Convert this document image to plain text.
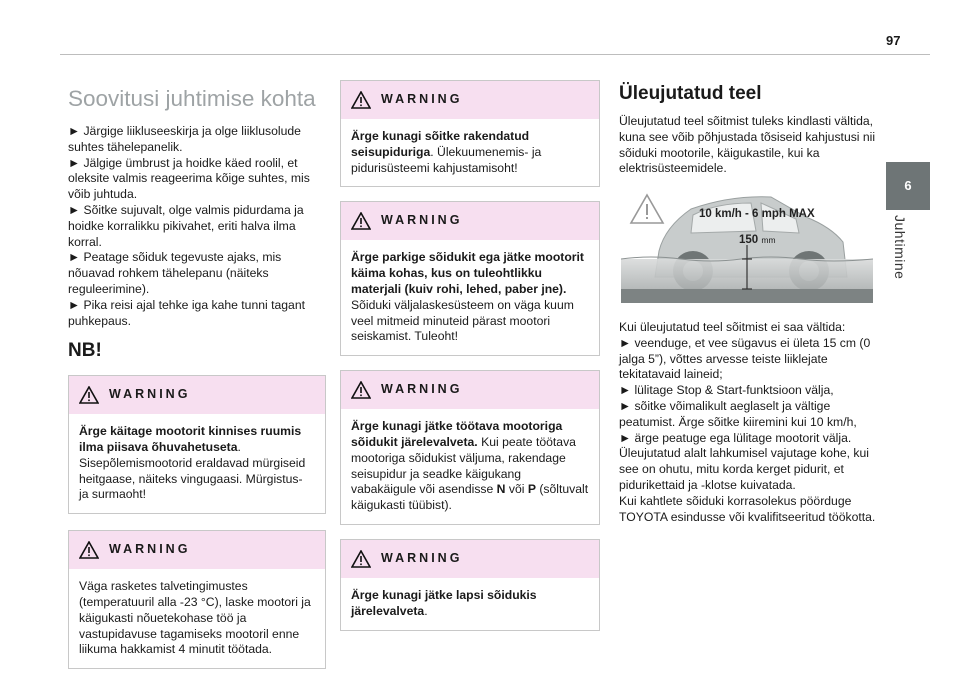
97
6
Juhtimine
Soovitusi juhtimise kohta

► Järgige liikluseeskirja ja olge liiklusolude suhtes tähelepanelik.

► Jälgige ümbrust ja hoidke käed roolil, et oleksite valmis reageerima kõige suhtes, mis võib juhtuda.

► Sõitke sujuvalt, olge valmis pidurdama ja hoidke korralikku pikivahet, eriti halva ilma korral.

► Peatage sõiduk tegevuste ajaks, mis nõuavad rohkem tähelepanu (näiteks reguleerimine).

► Pika reisi ajal tehke iga kahe tunni tagant puhkepaus.

NB!
WARNING
Ärge käitage mootorit kinnises ruumis ilma piisava õhuvahetuseta. Sisepõlemismootorid eraldavad mürgiseid heitgaase, näiteks vingugaasi. Mürgistus- ja surmaoht!
WARNING
Väga rasketes talvetingimustes (temperatuuril alla -23 °C), laske mootori ja käigukasti nõuetekohase töö ja vastupidavuse tagamiseks mootoril enne liikuma hakkamist 4 minutit töötada.
WARNING
Ärge kunagi sõitke rakendatud seisupiduriga. Ülekuumenemis- ja pidurisüsteemi kahjustamisoht!
WARNING
Ärge parkige sõidukit ega jätke mootorit käima kohas, kus on tuleohtlikku materjali (kuiv rohi, lehed, paber jne). Sõiduki väljalaskesüsteem on väga kuum veel mitmeid minuteid pärast mootori seiskamist. Tuleoht!
WARNING
Ärge kunagi jätke töötava mootoriga sõidukit järelevalveta. Kui peate töötava mootoriga sõidukist väljuma, rakendage seisupidur ja seadke käigukang vabakäigule või asendisse N või P (sõltuvalt käigukasti tüübist).
WARNING
Ärge kunagi jätke lapsi sõidukis järelevalveta.
Üleujutatud teel

Üleujutatud teel sõitmist tuleks kindlasti vältida, kuna see võib põhjustada tõsiseid kahjustusi nii sõiduki mootorile, käigukastile, kui ka elektrisüsteemidele.

10 km/h - 6 mph MAX
150 mm

Kui üleujutatud teel sõitmist ei saa vältida:

► veenduge, et vee sügavus ei ületa 15 cm (0 jalga 5”), võttes arvesse teiste liiklejate tekitatavaid laineid;

► lülitage Stop & Start-funktsioon välja,

► sõitke võimalikult aeglaselt ja vältige peatumist. Ärge sõitke kiiremini kui 10 km/h,

► ärge peatuge ega lülitage mootorit välja.

Üleujutatud alalt lahkumisel vajutage kohe, kui see on ohutu, mitu korda kerget pidurit, et pidurikettaid ja -klotse kuivatada.

Kui kahtlete sõiduki korrasolekus pöörduge TOYOTA esindusse või kvalifitseeritud töökotta.
